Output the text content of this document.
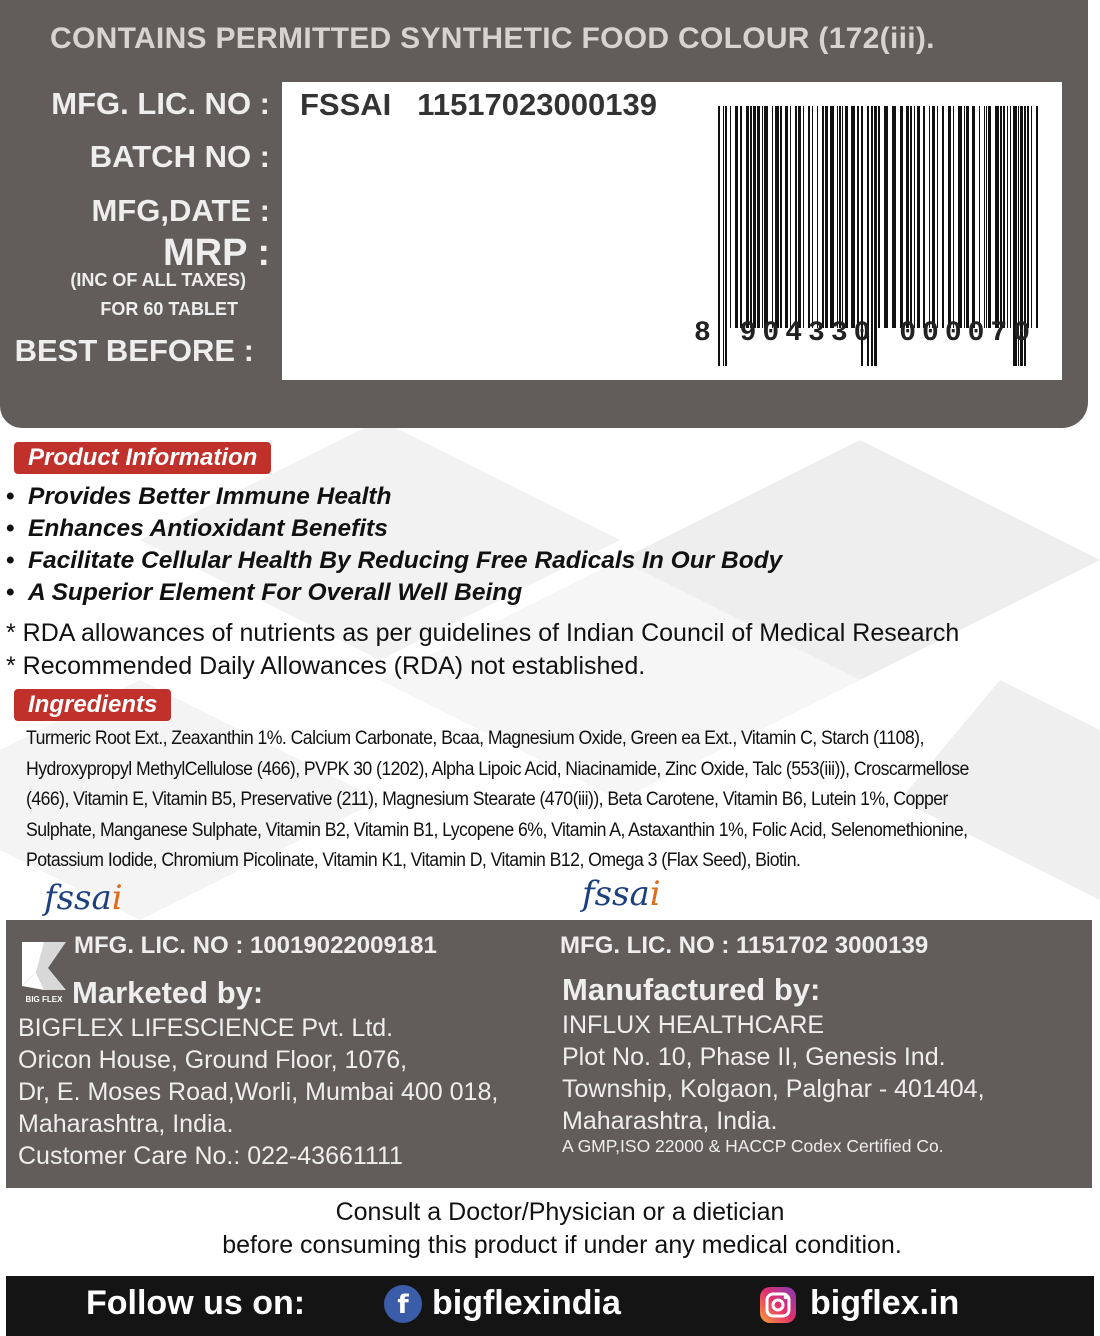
CONTAINS PERMITTED SYNTHETIC FOOD COLOUR (172(iii).
MFG. LIC. NO :
BATCH NO :
MFG,DATE :
MRP :
(INC OF ALL TAXES)
FOR 60 TABLET
BEST BEFORE :
FSSAI 11517023000139
8 904330 000070
Product Information
• Provides Better Immune Health
• Enhances Antioxidant Benefits
• Facilitate Cellular Health By Reducing Free Radicals In Our Body
• A Superior Element For Overall Well Being
* RDA allowances of nutrients as per guidelines of Indian Council of Medical Research
* Recommended Daily Allowances (RDA) not established.
Ingredients
Turmeric Root Ext., Zeaxanthin 1%. Calcium Carbonate, Bcaa, Magnesium Oxide, Green ea Ext., Vitamin C, Starch (1108),
Hydroxypropyl MethylCellulose (466), PVPK 30 (1202), Alpha Lipoic Acid, Niacinamide, Zinc Oxide, Talc (553(iii)), Croscarmellose
(466), Vitamin E, Vitamin B5, Preservative (211), Magnesium Stearate (470(iii)), Beta Carotene, Vitamin B6, Lutein 1%, Copper
Sulphate, Manganese Sulphate, Vitamin B2, Vitamin B1, Lycopene 6%, Vitamin A, Astaxanthin 1%, Folic Acid, Selenomethionine,
Potassium Iodide, Chromium Picolinate, Vitamin K1, Vitamin D, Vitamin B12, Omega 3 (Flax Seed), Biotin.
fssai	fssai
BIG FLEX
MFG. LIC. NO : 10019022009181	MFG. LIC. NO : 1151702 3000139
Marketed by:	Manufactured by:
BIGFLEX LIFESCIENCE Pvt. Ltd.
Oricon House, Ground Floor, 1076,
Dr, E. Moses Road,Worli, Mumbai 400 018,
Maharashtra, India.
Customer Care No.: 022-43661111
INFLUX HEALTHCARE
Plot No. 10, Phase II, Genesis Ind.
Township, Kolgaon, Palghar - 401404,
Maharashtra, India.
A GMP,ISO 22000 & HACCP Codex Certified Co.
Consult a Doctor/Physician or a dietician
before consuming this product if under any medical condition.
Follow us on:	f bigflexindia	bigflex.in
